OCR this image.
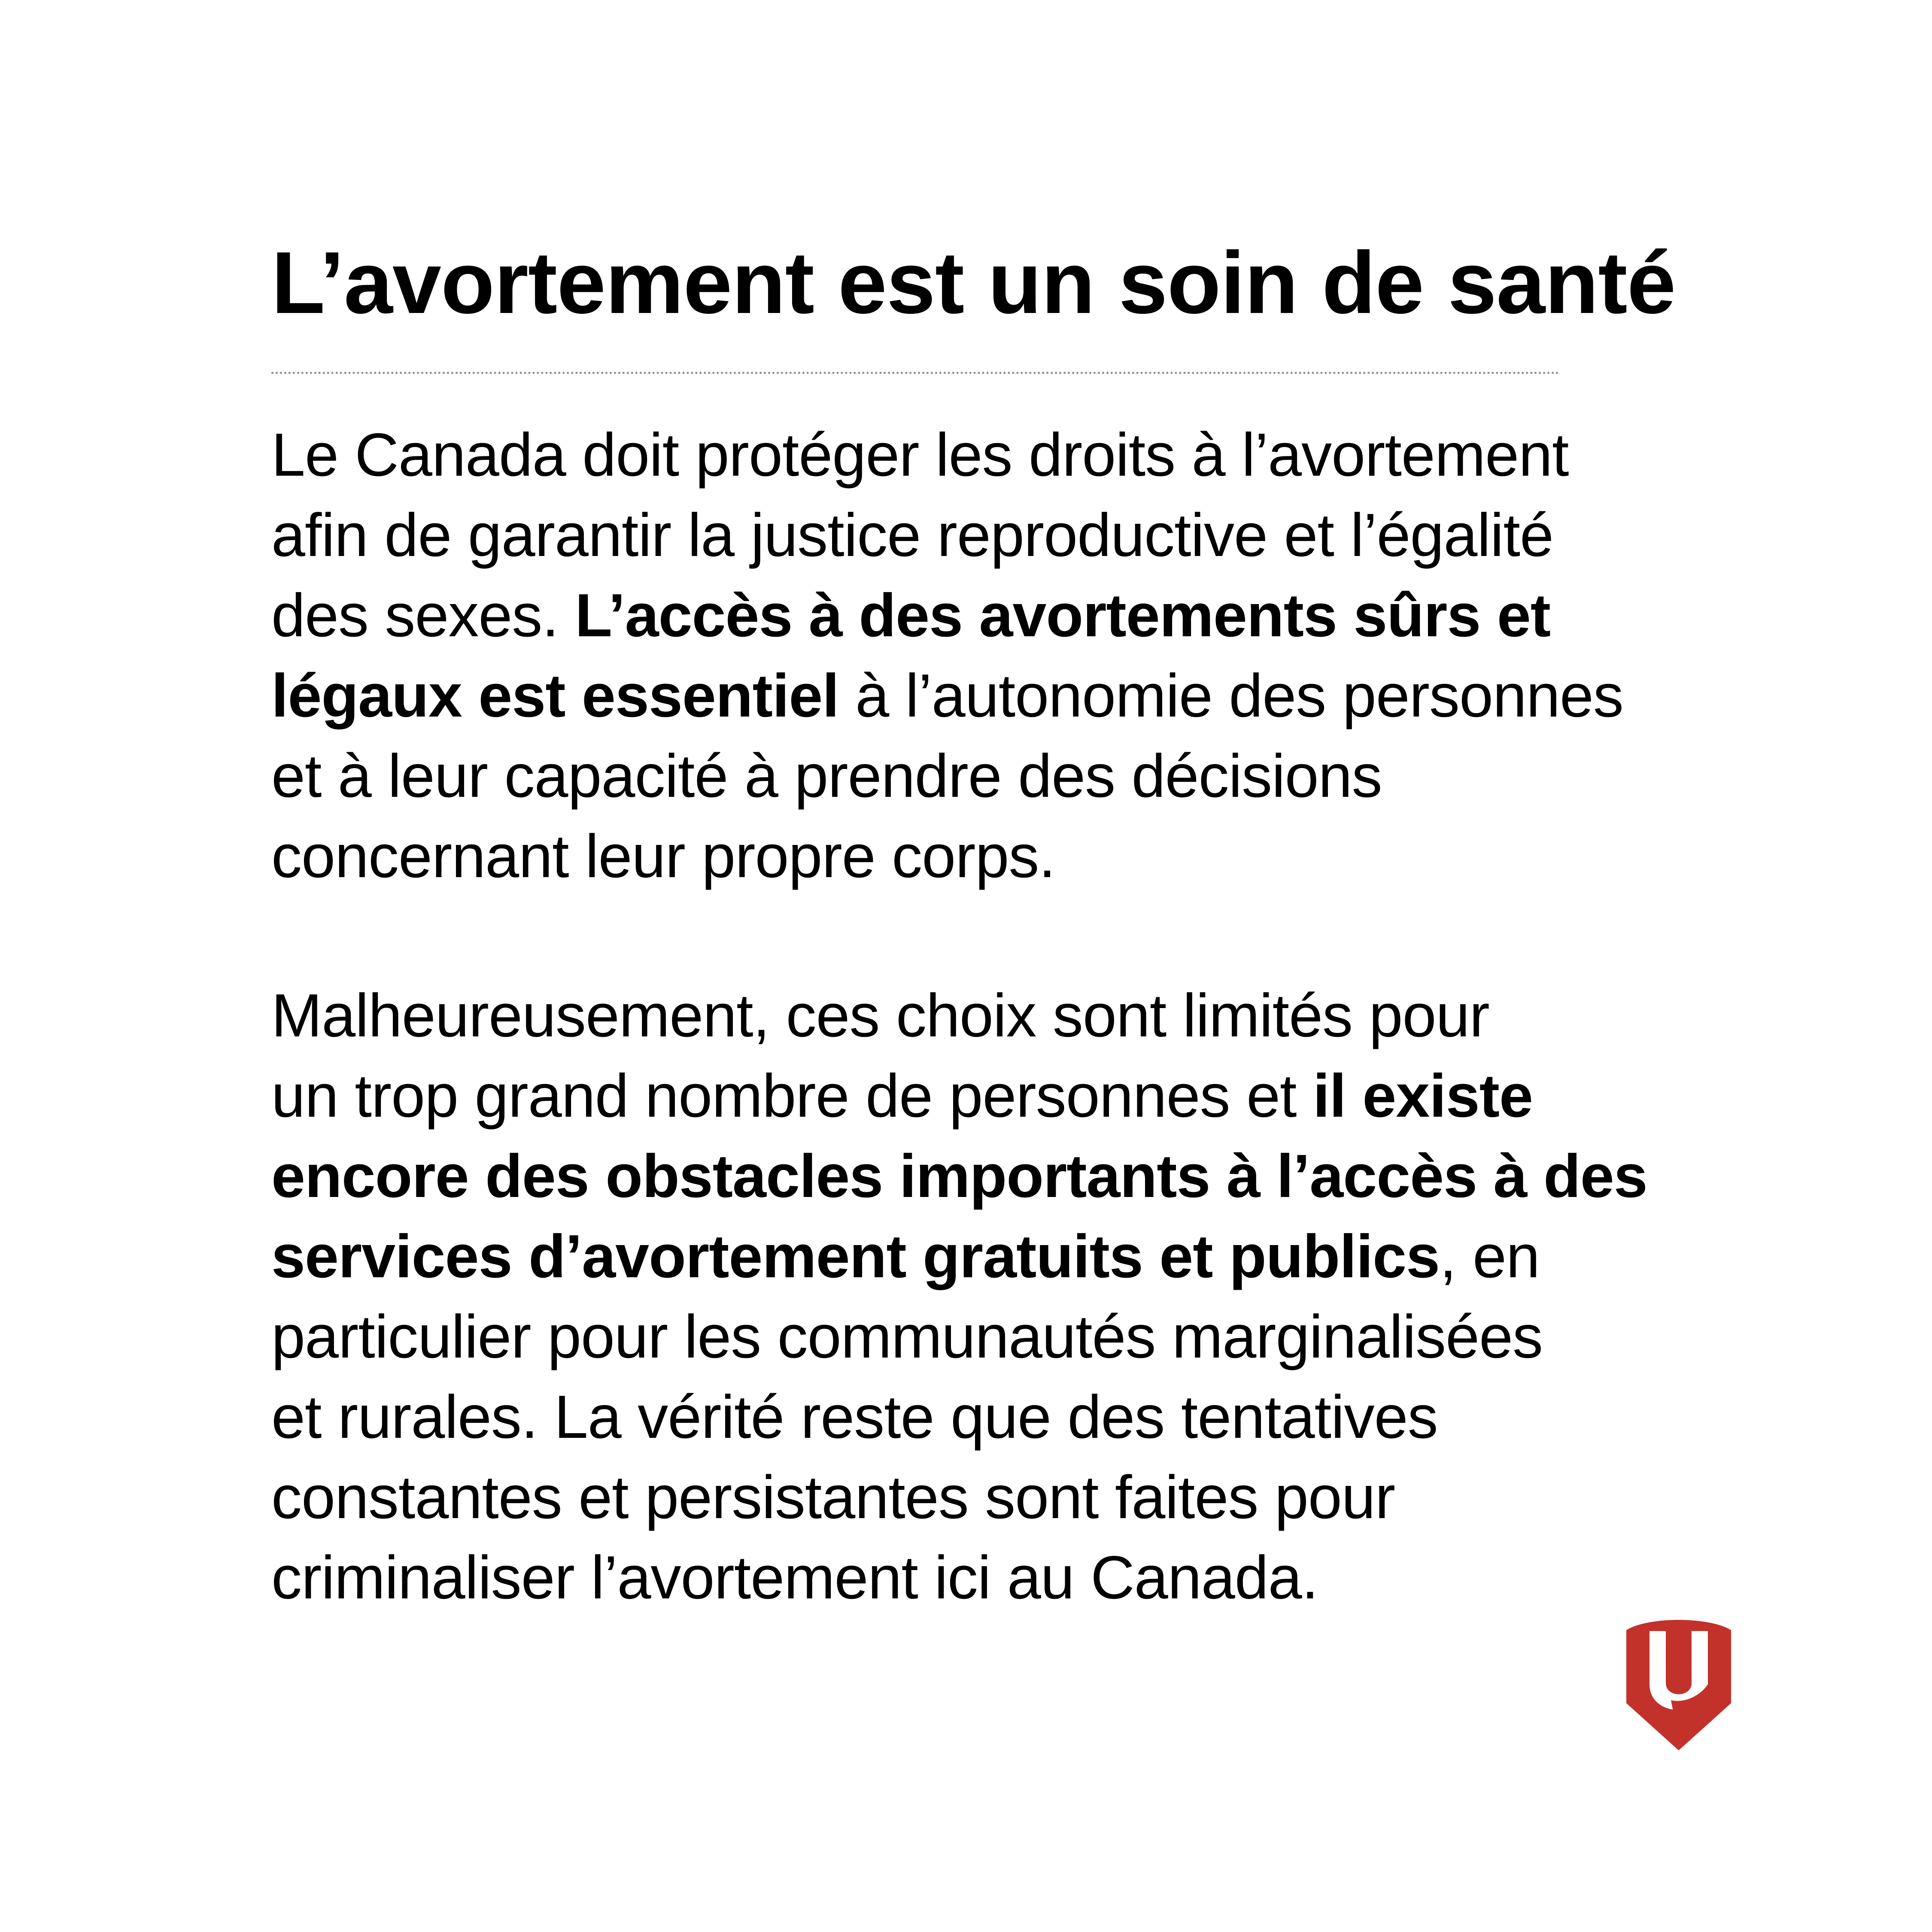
L’avortement est un soin de santé

Le Canada doit protéger les droits à l’avortement
afin de garantir la justice reproductive et l’égalité
des sexes. L’accès à des avortements sûrs et
légaux est essentiel à l’autonomie des personnes
et à leur capacité à prendre des décisions
concernant leur propre corps.

Malheureusement, ces choix sont limités pour
un trop grand nombre de personnes et il existe
encore des obstacles importants à l’accès à des
services d’avortement gratuits et publics, en
particulier pour les communautés marginalisées
et rurales. La vérité reste que des tentatives
constantes et persistantes sont faites pour
criminaliser l’avortement ici au Canada.
